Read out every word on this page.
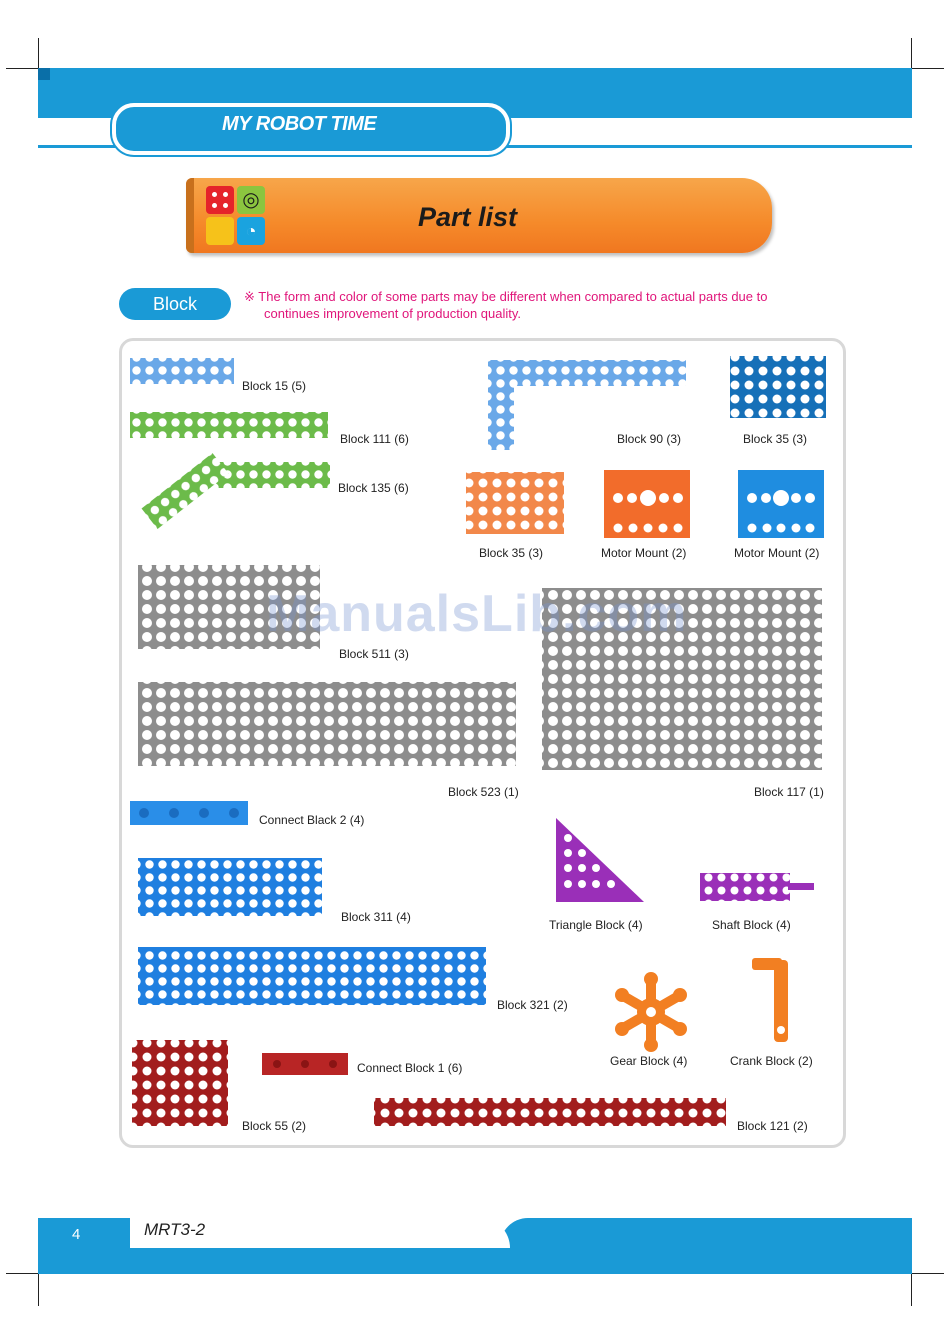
MY ROBOT TIME
◎
◔	Part list
Block	※ The form and color of some parts may be different when compared to actual parts due to
continues improvement of production quality.
Block 15 (5)
Block 111 (6)
Block 135 (6)
Block 90 (3)	Block 35 (3)
Block 35 (3)	Motor Mount (2)	Motor Mount (2)
Block 511 (3)
Block 523 (1)	Block 117 (1)
Connect Black 2 (4)
Block 311 (4)
Triangle Block (4)	Shaft Block (4)
Block 321 (2)
Gear Block (4)	Crank Block (2)
Connect Block 1 (6)
Block 55 (2)	Block 121 (2)
ManualsLib.com
4	MRT3-2
